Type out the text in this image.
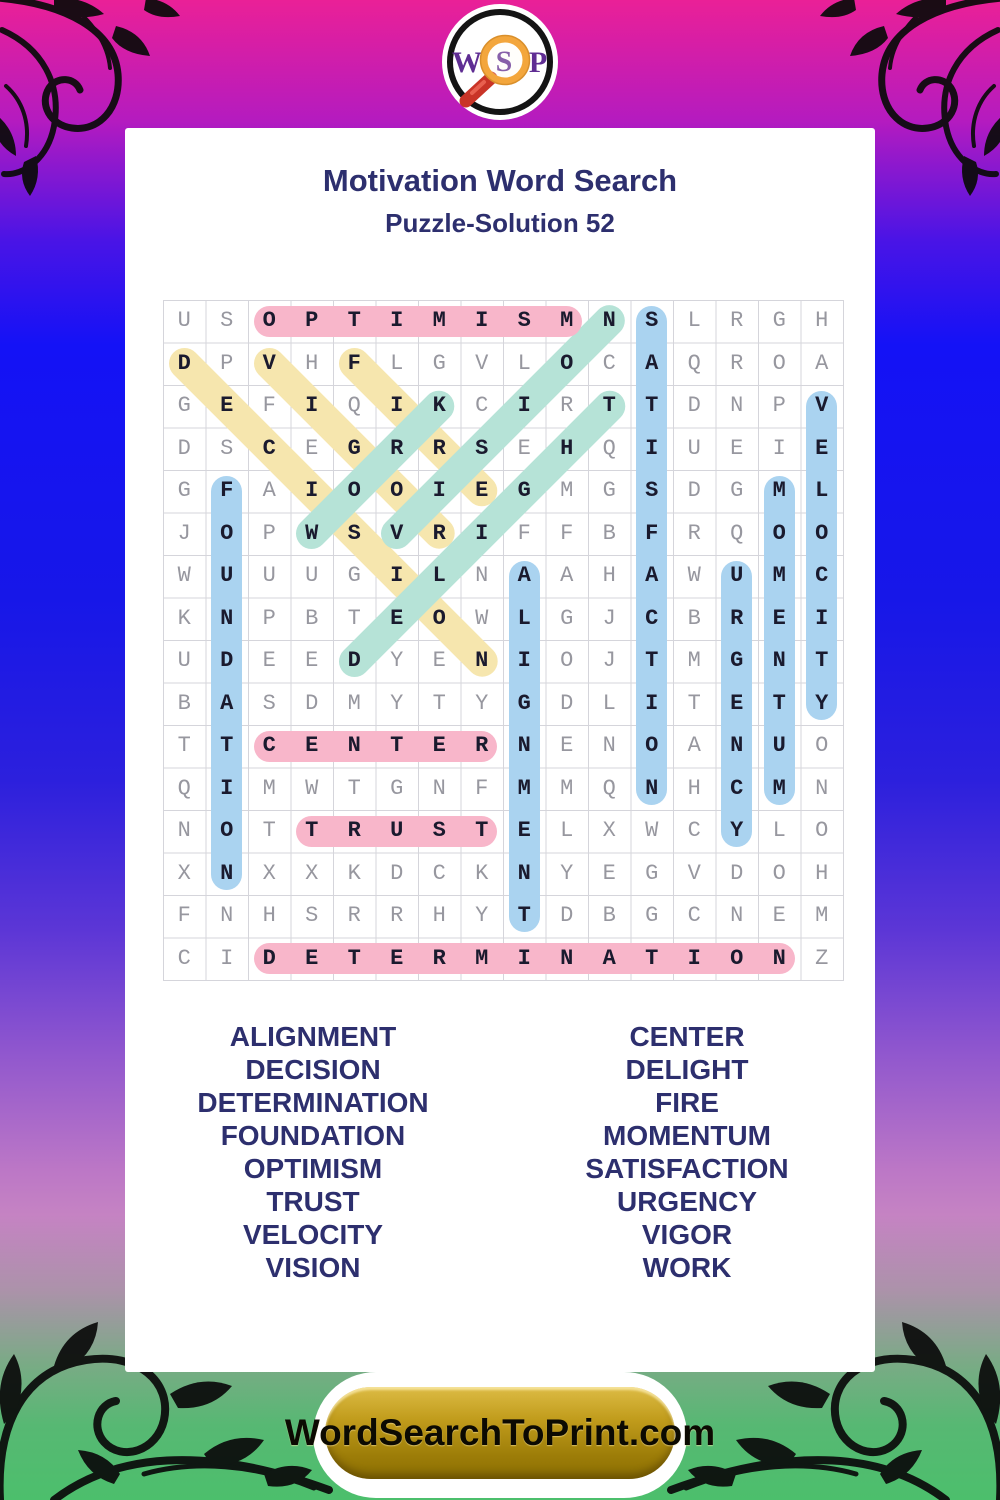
W P
Motivation Word Search
Puzzle-Solution 52
U S O P T I M I S M N S L R G H
D P V H F L G V L O C A Q R O A
G E F I Q I K C I R T T D N P V
D S C E G R R S E H Q I U E I E
G F A I O O I E G M G S D G M L
J O P W S V R I F F B F R Q O O
W U U U G I L N A A H A W U M C
K N P B T E O W L G J C B R E I
U D E E D Y E N I O J T M G N T
B A S D M Y T Y G D L I T E T Y
T T C E N T E R N E N O A N U O
Q I M W T G N F M M Q N H C M N
N O T T R U S T E L X W C Y L O
X N X X K D C K N Y E G V D O H
F N H S R R H Y T D B G C N E M
C I D E T E R M I N A T I O N Z
ALIGNMENT
DECISION
DETERMINATION
FOUNDATION
OPTIMISM
TRUST
VELOCITY
VISION
CENTER
DELIGHT
FIRE
MOMENTUM
SATISFACTION
URGENCY
VIGOR
WORK
WordSearchToPrint.com
